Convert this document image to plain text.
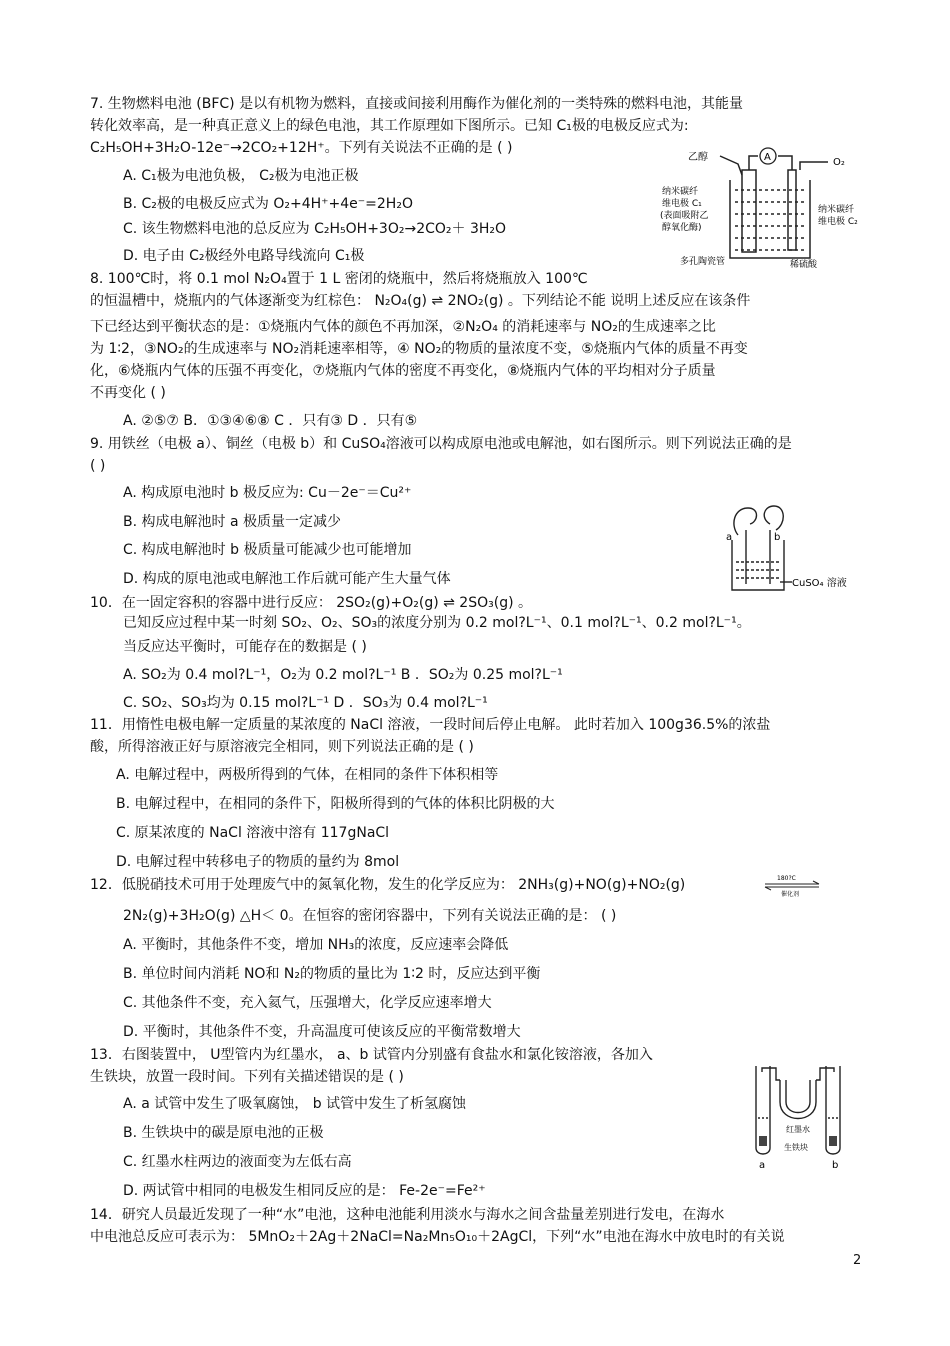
7. 生物燃料电池 (BFC) 是以有机物为燃料，直接或间接利用酶作为催化剂的一类特殊的燃料电池，其能量
转化效率高，是一种真正意义上的绿色电池，其工作原理如下图所示。已知 C₁极的电极反应式为:
C₂H₅OH+3H₂O-12e⁻→2CO₂+12H⁺。下列有关说法不正确的是 ( )
A. C₁极为电池负极， C₂极为电池正极
B. C₂极的电极反应式为 O₂+4H⁺+4e⁻=2H₂O
C. 该生物燃料电池的总反应为 C₂H₅OH+3O₂→2CO₂＋ 3H₂O
D. 电子由 C₂极经外电路导线流向 C₁极
8. 100℃时，将 0.1 mol N₂O₄置于 1 L 密闭的烧瓶中，然后将烧瓶放入 100℃
的恒温槽中，烧瓶内的气体逐渐变为红棕色： N₂O₄(g) ⇌ 2NO₂(g) 。下列结论不能 说明上述反应在该条件
下已经达到平衡状态的是：①烧瓶内气体的颜色不再加深，②N₂O₄ 的消耗速率与 NO₂的生成速率之比
为 1∶2，③NO₂的生成速率与 NO₂消耗速率相等，④ NO₂的物质的量浓度不变，⑤烧瓶内气体的质量不再变
化，⑥烧瓶内气体的压强不再变化，⑦烧瓶内气体的密度不再变化，⑧烧瓶内气体的平均相对分子质量
不再变化 ( )
A. ②⑤⑦ B．①③④⑥⑧ C ．只有③ D ．只有⑤
9. 用铁丝（电极 a）、铜丝（电极 b）和 CuSO₄溶液可以构成原电池或电解池，如右图所示。则下列说法正确的是
( )
A. 构成原电池时 b 极反应为: Cu－2e⁻＝Cu²⁺
B. 构成电解池时 a 极质量一定减少
C. 构成电解池时 b 极质量可能减少也可能增加
D. 构成的原电池或电解池工作后就可能产生大量气体
10．在一固定容积的容器中进行反应： 2SO₂(g)+O₂(g) ⇌ 2SO₃(g) 。
已知反应过程中某一时刻 SO₂、O₂、SO₃的浓度分别为 0.2 mol?L⁻¹、0.1 mol?L⁻¹、0.2 mol?L⁻¹。
当反应达平衡时，可能存在的数据是 ( )
A. SO₂为 0.4 mol?L⁻¹，O₂为 0.2 mol?L⁻¹ B ．SO₂为 0.25 mol?L⁻¹
C. SO₂、SO₃均为 0.15 mol?L⁻¹ D ．SO₃为 0.4 mol?L⁻¹
11．用惰性电极电解一定质量的某浓度的 NaCl 溶液，一段时间后停止电解。 此时若加入 100g36.5%的浓盐
酸，所得溶液正好与原溶液完全相同，则下列说法正确的是 ( )
A. 电解过程中，两极所得到的气体，在相同的条件下体积相等
B. 电解过程中，在相同的条件下，阳极所得到的气体的体积比阴极的大
C. 原某浓度的 NaCl 溶液中溶有 117gNaCl
D. 电解过程中转移电子的物质的量约为 8mol
12．低脱硝技术可用于处理废气中的氮氧化物，发生的化学反应为： 2NH₃(g)+NO(g)+NO₂(g)
2N₂(g)+3H₂O(g) △H＜ 0。在恒容的密闭容器中，下列有关说法正确的是： ( )
A. 平衡时，其他条件不变，增加 NH₃的浓度，反应速率会降低
B. 单位时间内消耗 NO和 N₂的物质的量比为 1∶2 时，反应达到平衡
C. 其他条件不变，充入氦气，压强增大，化学反应速率增大
D. 平衡时，其他条件不变，升高温度可使该反应的平衡常数增大
13．右图装置中， U型管内为红墨水， a、b 试管内分别盛有食盐水和氯化铵溶液，各加入
生铁块，放置一段时间。下列有关描述错误的是 ( )
A. a 试管中发生了吸氧腐蚀， b 试管中发生了析氢腐蚀
B. 生铁块中的碳是原电池的正极
C. 红墨水柱两边的液面变为左低右高
D. 两试管中相同的电极发生相同反应的是： Fe-2e⁻=Fe²⁺
14．研究人员最近发现了一种“水”电池，这种电池能利用淡水与海水之间含盐量差别进行发电，在海水
中电池总反应可表示为： 5MnO₂＋2Ag＋2NaCl=Na₂Mn₅O₁₀＋2AgCl，下列“水”电池在海水中放电时的有关说
A
乙醇	O₂
纳米碳纤
维电极 C₁
(表面吸附乙
醇氧化酶)
纳米碳纤
维电极 C₂
多孔陶瓷管	稀硫酸
a	b
CuSO₄ 溶液
180?C
催化剂
红墨水
生铁块
a	b
2
